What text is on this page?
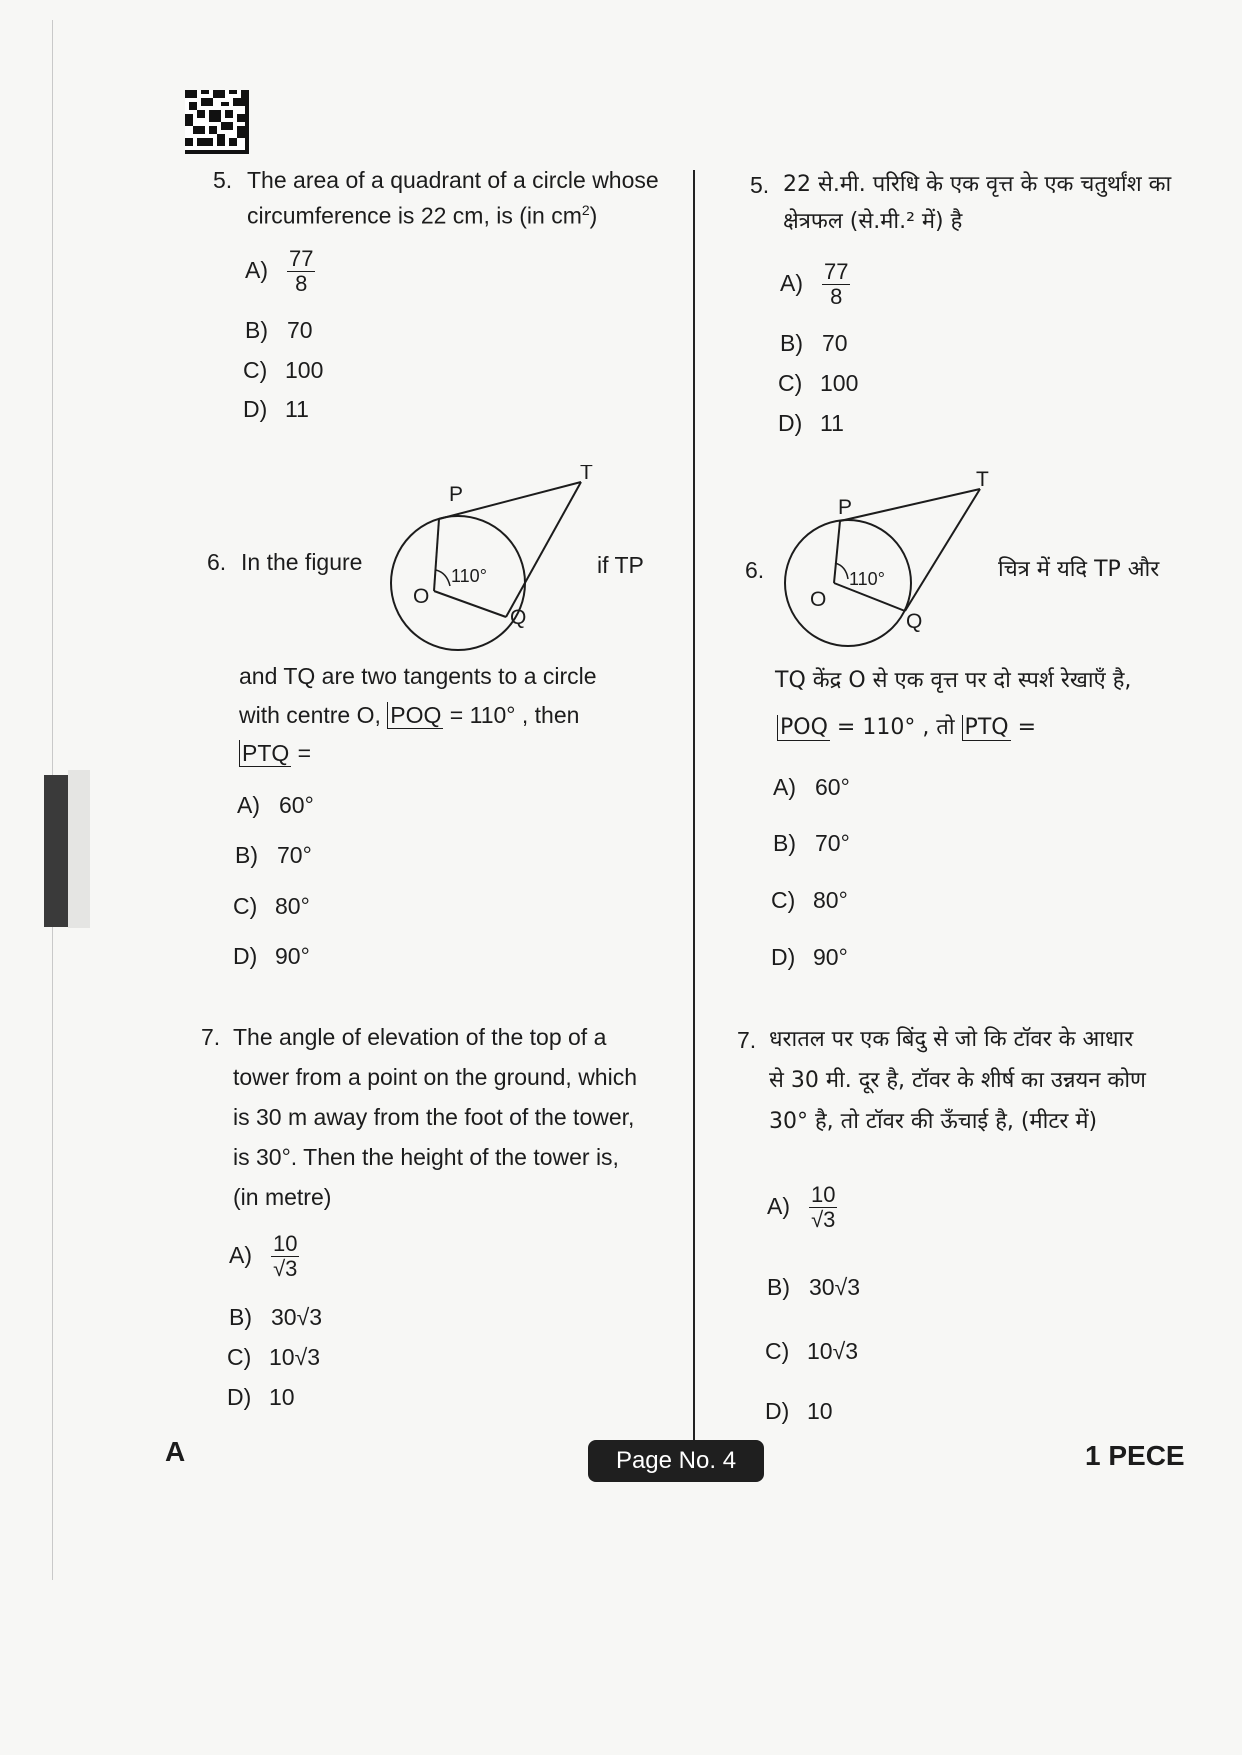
5. The area of a quadrant of a circle whose
circumference is 22 cm, is (in $cm^2$)
$A) \frac{77}{8}$
B) 70
C) 100
D) 11
6. In the figure
P
T
O
Q
110°	if TP
and TQ are two tangents to a circle
with centre O, POQ = 110° , then
PTQ =
A) 60°
B) 70°
C) 80°
D) 90°
7. The angle of elevation of the top of a
tower from a point on the ground, which
is 30 m away from the foot of the tower,
is 30°. Then the height of the tower is,
(in metre)
$A) \frac{10}{√3}$
B) 30√3
C) 10√3
D) 10
5. 22 से.मी. परिधि के एक वृत्त के एक चतुर्थांश का
क्षेत्रफल (से.मी.² में) है
$A) \frac{77}{8}$
B) 70
C) 100
D) 11
6.
P
T
O
Q
110°	चित्र में यदि TP और
TQ केंद्र O से एक वृत्त पर दो स्पर्श रेखाएँ है,
POQ = 110° , तो PTQ =
A) 60°
B) 70°
C) 80°
D) 90°
7. धरातल पर एक बिंदु से जो कि टॉवर के आधार
से 30 मी. दूर है, टॉवर के शीर्ष का उन्नयन कोण
30° है, तो टॉवर की ऊँचाई है, (मीटर में)
$A) \frac{10}{√3}$
B) 30√3
C) 10√3
D) 10
A	Page No. 4	1 PECE
